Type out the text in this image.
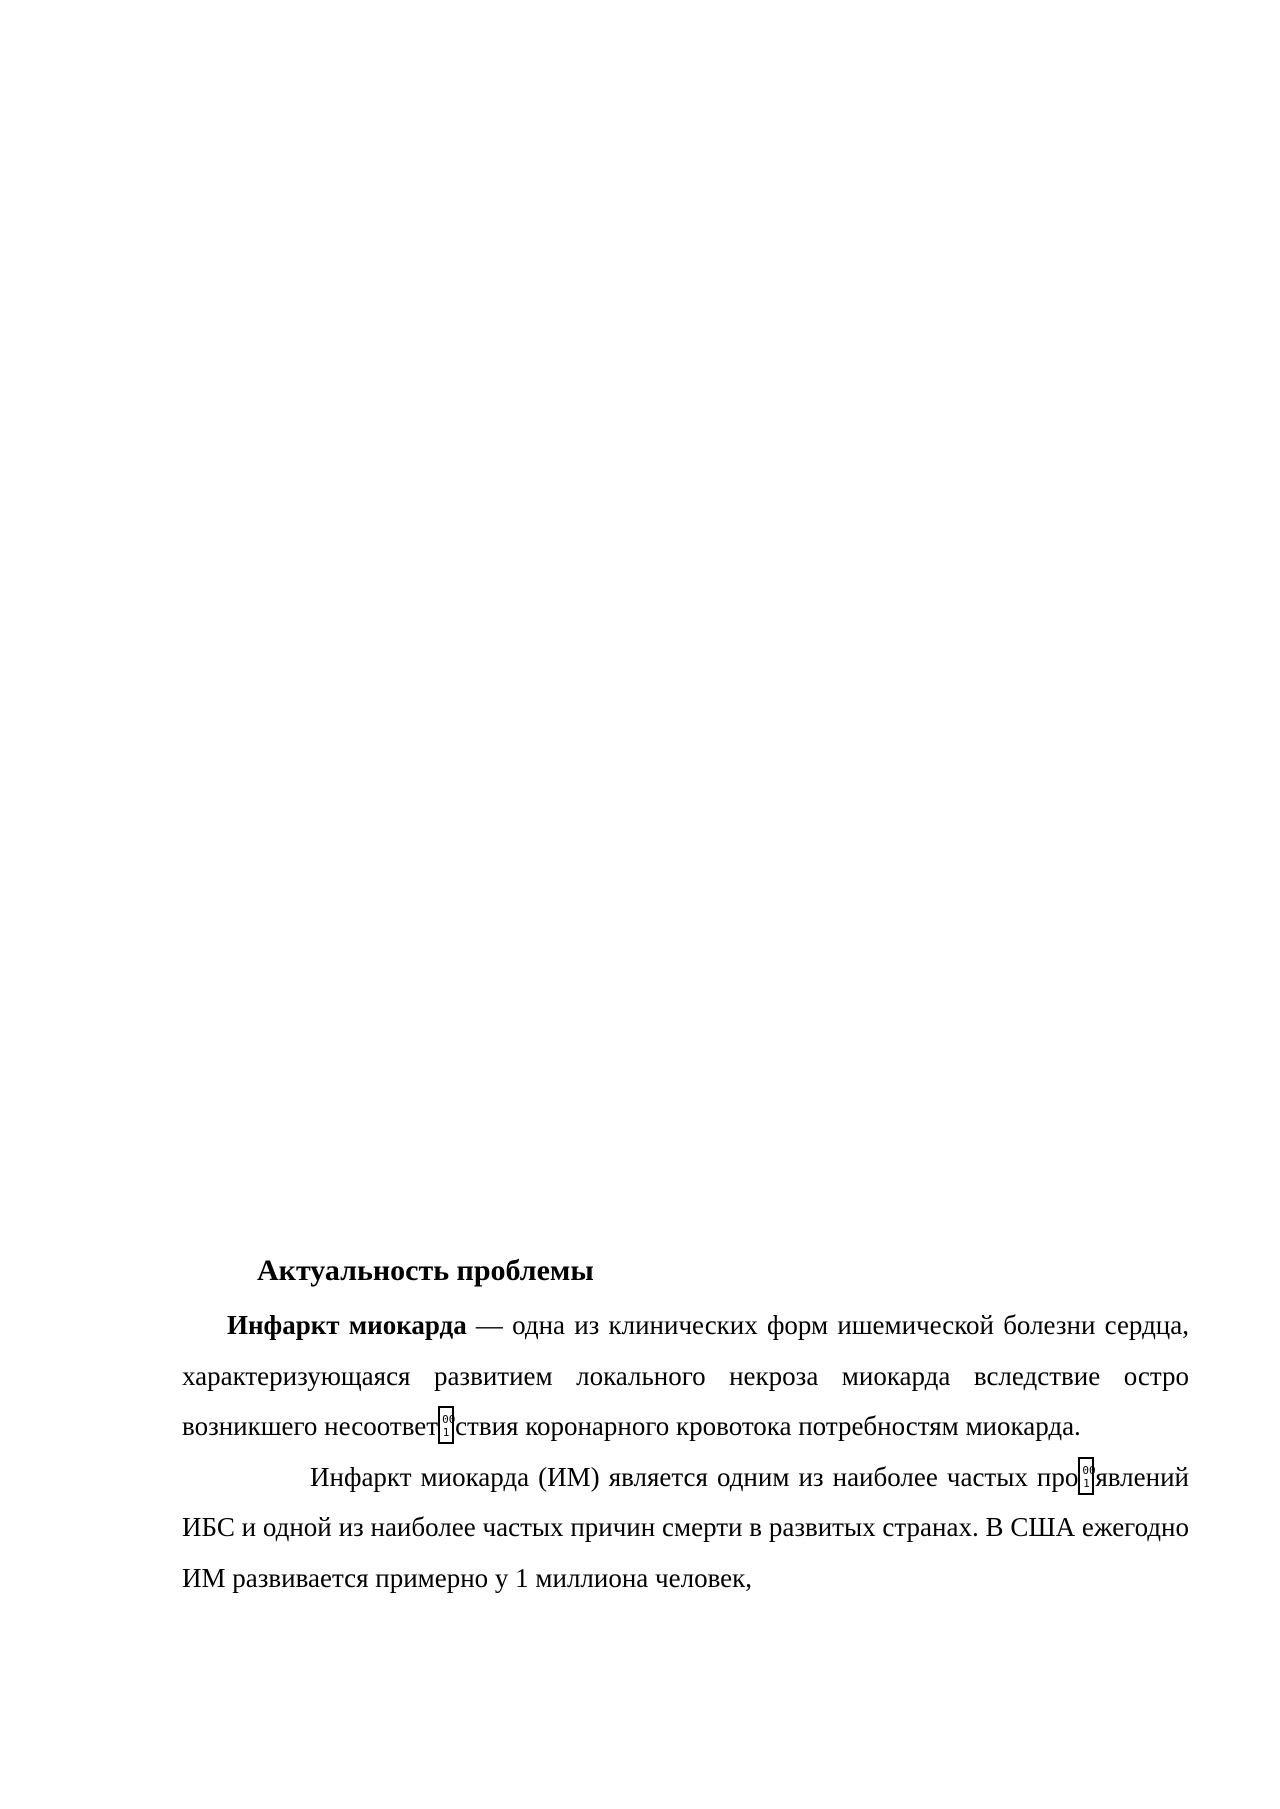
Актуальность проблемы

Инфаркт миокарда — одна из клинических форм ишемической болезни сердца, характеризующаяся развитием локального некроза миокарда вследствие остро возникшего несоответ 00
1 ствия коронарного кровотока потребностям миокарда.

Инфаркт миокарда (ИМ) является одним из наиболее частых про 00
1 явлений ИБС и одной из наиболее частых причин смерти в развитых странах. В США ежегодно ИМ развивается примерно у 1 миллиона человек,
